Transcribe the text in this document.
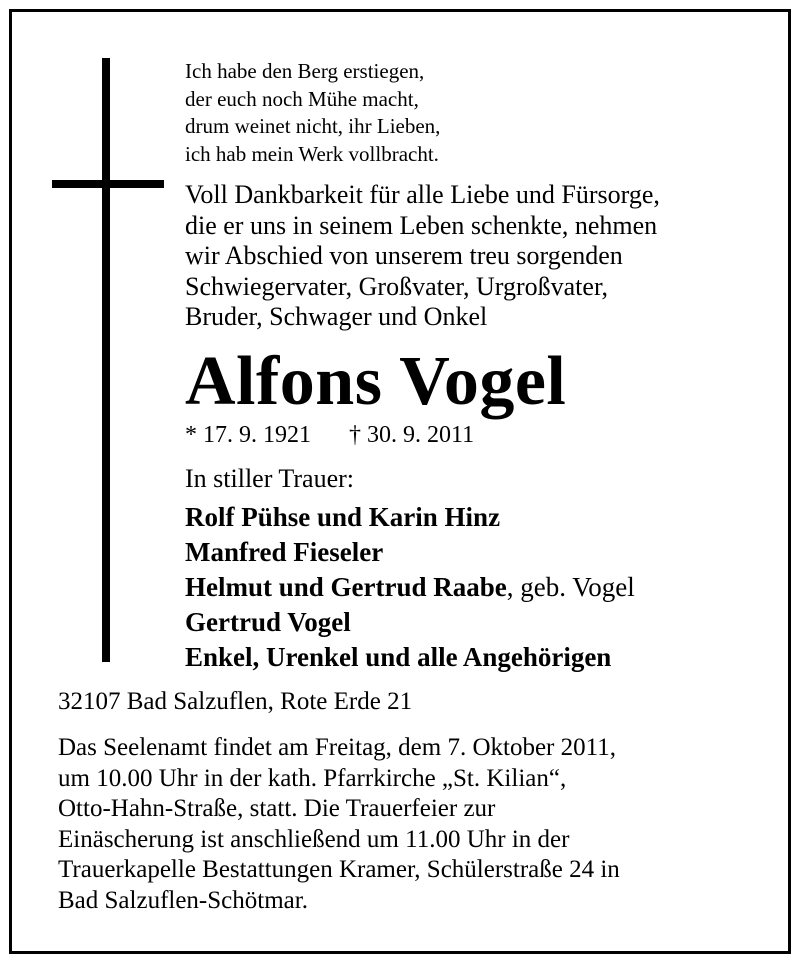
Ich habe den Berg erstiegen,
der euch noch Mühe macht,
drum weinet nicht, ihr Lieben,
ich hab mein Werk vollbracht.
Voll Dankbarkeit für alle Liebe und Fürsorge,
die er uns in seinem Leben schenkte, nehmen
wir Abschied von unserem treu sorgenden
Schwiegervater, Großvater, Urgroßvater,
Bruder, Schwager und Onkel
Alfons Vogel
* 17. 9. 1921 † 30. 9. 2011
In stiller Trauer:
Rolf Pühse und Karin Hinz
Manfred Fieseler
Helmut und Gertrud Raabe, geb. Vogel
Gertrud Vogel
Enkel, Urenkel und alle Angehörigen
32107 Bad Salzuflen, Rote Erde 21
Das Seelenamt findet am Freitag, dem 7. Oktober 2011,
um 10.00 Uhr in der kath. Pfarrkirche „St. Kilian“,
Otto-Hahn-Straße, statt. Die Trauerfeier zur
Einäscherung ist anschließend um 11.00 Uhr in der
Trauerkapelle Bestattungen Kramer, Schülerstraße 24 in
Bad Salzuflen-Schötmar.
